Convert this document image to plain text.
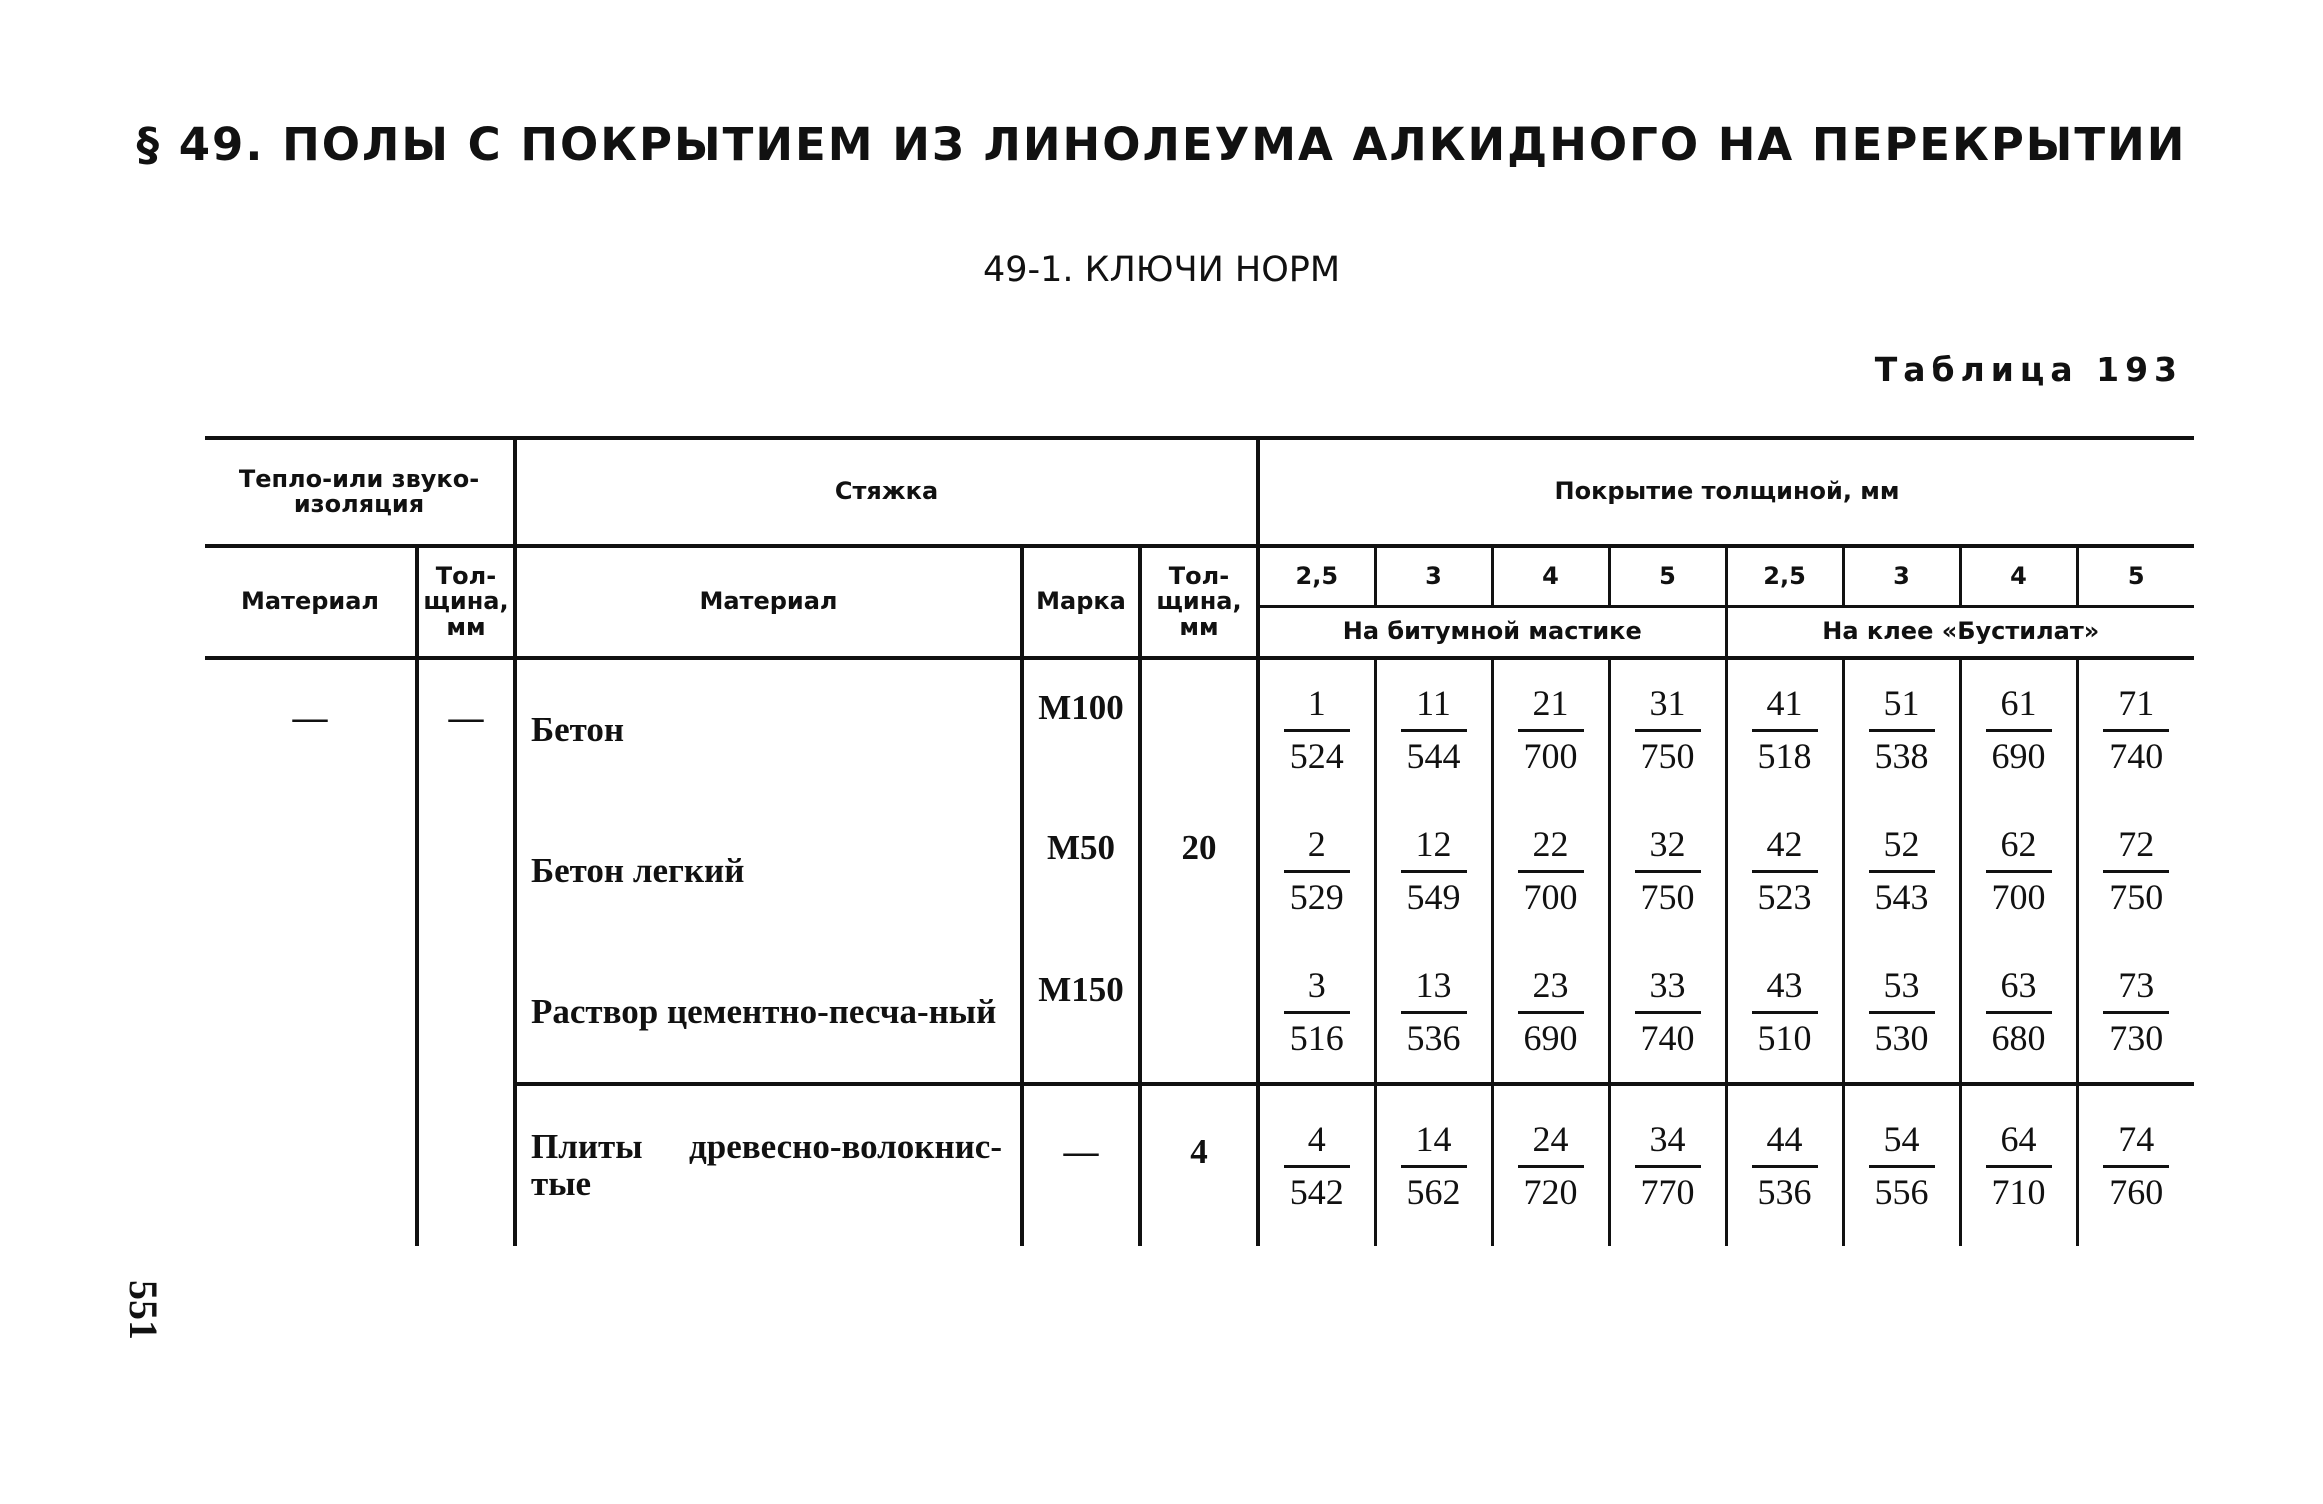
§ 49. ПОЛЫ С ПОКРЫТИЕМ ИЗ ЛИНОЛЕУМА АЛКИДНОГО НА ПЕРЕКРЫТИИ
49-1. КЛЮЧИ НОРМ
Таблица 193
551
Тепло-или звуко-изоляция		Стяжка			Покрытие толщиной, мм							
Материал	Тол-щина, мм	Материал	Марка	Тол-щина, мм	2,5	3	4	5	2,5	3	4	5
					На битумной мастике				На клее «Бустилат»			
—	—	Бетон	М100		$\frac{1}{524}$	$\frac{11}{544}$	$\frac{21}{700}$	$\frac{31}{750}$	$\frac{41}{518}$	$\frac{51}{538}$	$\frac{61}{690}$	$\frac{71}{740}$

		Бетон легкий	М50	20	$\frac{2}{529}$	$\frac{12}{549}$	$\frac{22}{700}$	$\frac{32}{750}$	$\frac{42}{523}$	$\frac{52}{543}$	$\frac{62}{700}$	$\frac{72}{750}$

		Раствор цементно-песча-ный	М150		$\frac{3}{516}$	$\frac{13}{536}$	$\frac{23}{690}$	$\frac{33}{740}$	$\frac{43}{510}$	$\frac{53}{530}$	$\frac{63}{680}$	$\frac{73}{730}$

		Плиты древесно-волокнис-тые	—	4	$\frac{4}{542}$	$\frac{14}{562}$	$\frac{24}{720}$	$\frac{34}{770}$	$\frac{44}{536}$	$\frac{54}{556}$	$\frac{64}{710}$	$\frac{74}{760}$
